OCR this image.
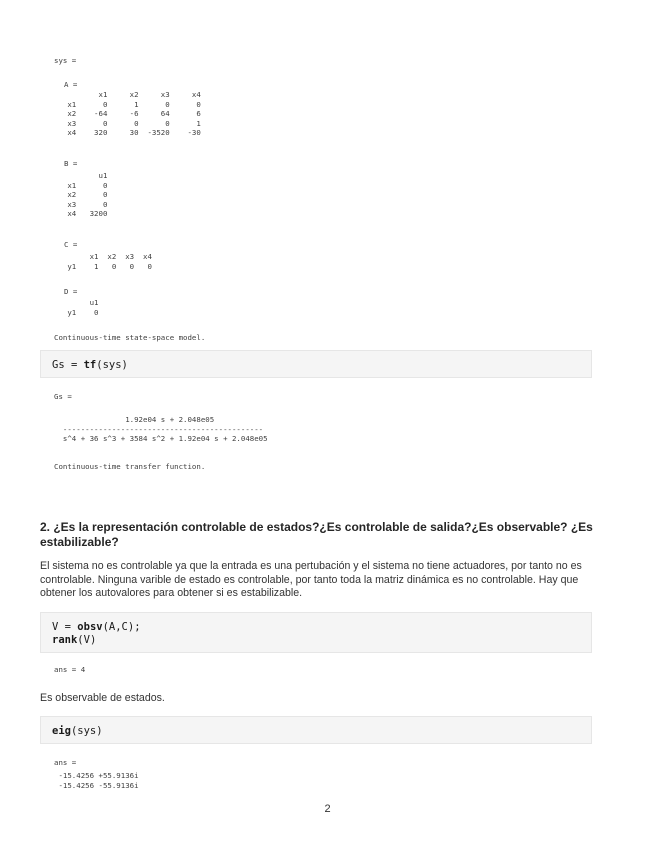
sys =
A =
x1     x2     x3     x4
x1      0      1      0      0
x2    -64     -6     64      6
x3      0      0      0      1
x4    320     30  -3520    -30
B =
u1
x1      0
x2      0
x3      0
x4   3200
C =
x1  x2  x3  x4
y1    1   0   0   0
D =
u1
y1    0
Continuous-time state-space model.
Gs = tf(sys)
Gs =
1.92e04 s + 2.048e05
---------------------------------------------
s^4 + 36 s^3 + 3584 s^2 + 1.92e04 s + 2.048e05
Continuous-time transfer function.

2. ¿Es la representación controlable de estados?¿Es controlable de salida?¿Es observable? ¿Es estabilizable?

El sistema no es controlable ya que la entrada es una pertubación y el sistema no tiene actuadores, por tanto no es controlable. Ninguna varible de estado es controlable, por tanto toda la matriz dinámica es no controlable. Hay que obtener los autovalores para obtener si es estabilizable.

V = obsv(A,C);
rank(V)
ans = 4

Es observable de estados.

eig(sys)
ans =
-15.4256 +55.9136i
-15.4256 -55.9136i
2
